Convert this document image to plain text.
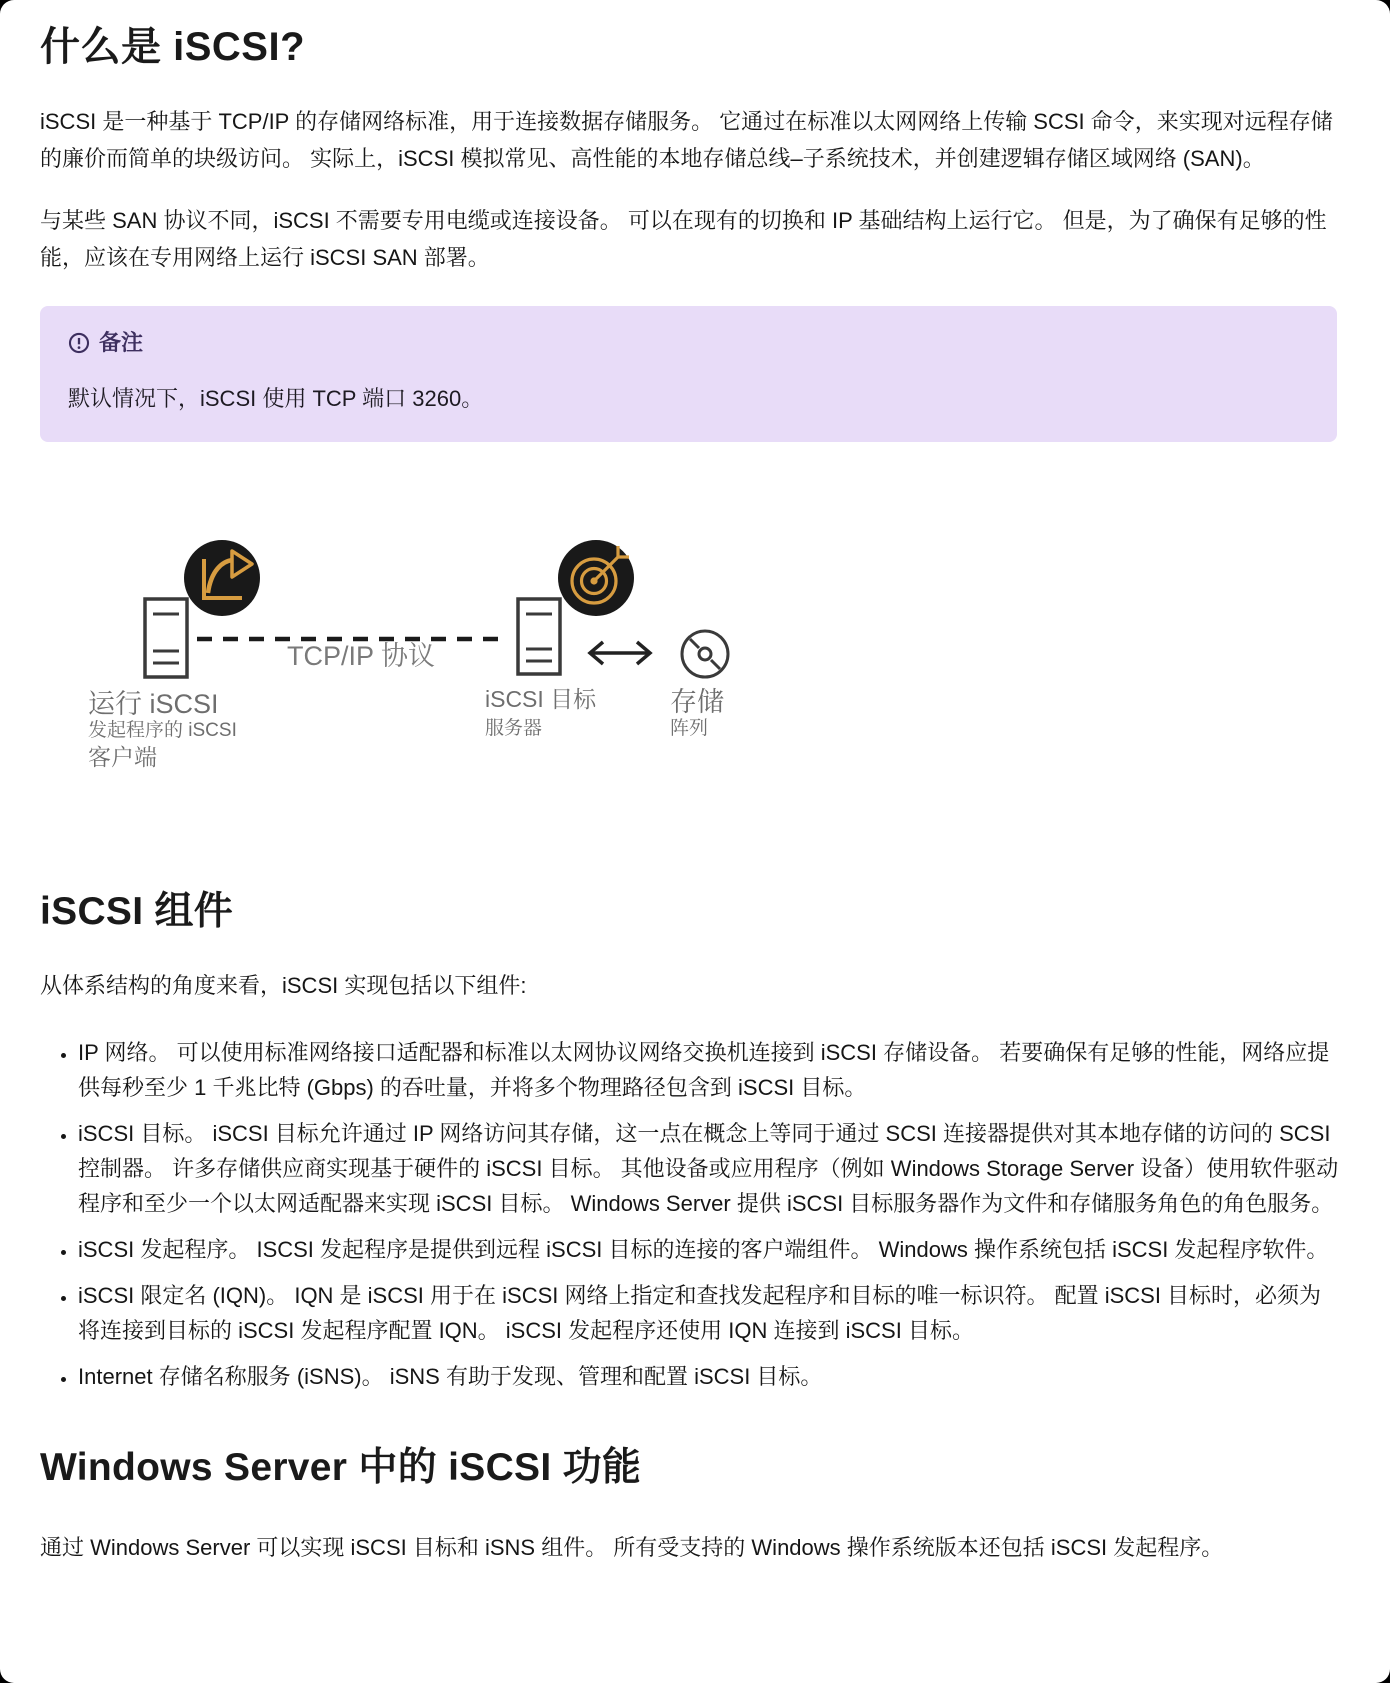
什么是 iSCSI?

iSCSI 是一种基于 TCP/IP 的存储网络标准，用于连接数据存储服务。 它通过在标准以太网网络上传输 SCSI 命令，来实现对远程存储的廉价而简单的块级访问。 实际上，iSCSI 模拟常见、高性能的本地存储总线–子系统技术，并创建逻辑存储区域网络 (SAN)。

与某些 SAN 协议不同，iSCSI 不需要专用电缆或连接设备。 可以在现有的切换和 IP 基础结构上运行它。 但是，为了确保有足够的性能，应该在专用网络上运行 iSCSI SAN 部署。

备注
默认情况下，iSCSI 使用 TCP 端口 3260。
TCP/IP 协议
运行 iSCSI
发起程序的 iSCSI
客户端
iSCSI 目标
服务器
存储
阵列
iSCSI 组件

从体系结构的角度来看，iSCSI 实现包括以下组件:

• IP 网络。 可以使用标准网络接口适配器和标准以太网协议网络交换机连接到 iSCSI 存储设备。 若要确保有足够的性能，网络应提供每秒至少 1 千兆比特 (Gbps) 的吞吐量，并将多个物理路径包含到 iSCSI 目标。
• iSCSI 目标。 iSCSI 目标允许通过 IP 网络访问其存储，这一点在概念上等同于通过 SCSI 连接器提供对其本地存储的访问的 SCSI 控制器。 许多存储供应商实现基于硬件的 iSCSI 目标。 其他设备或应用程序（例如 Windows Storage Server 设备）使用软件驱动程序和至少一个以太网适配器来实现 iSCSI 目标。 Windows Server 提供 iSCSI 目标服务器作为文件和存储服务角色的角色服务。
• iSCSI 发起程序。 ISCSI 发起程序是提供到远程 iSCSI 目标的连接的客户端组件。 Windows 操作系统包括 iSCSI 发起程序软件。
• iSCSI 限定名 (IQN)。 IQN 是 iSCSI 用于在 iSCSI 网络上指定和查找发起程序和目标的唯一标识符。 配置 iSCSI 目标时，必须为将连接到目标的 iSCSI 发起程序配置 IQN。 iSCSI 发起程序还使用 IQN 连接到 iSCSI 目标。
• Internet 存储名称服务 (iSNS)。 iSNS 有助于发现、管理和配置 iSCSI 目标。
Windows Server 中的 iSCSI 功能

通过 Windows Server 可以实现 iSCSI 目标和 iSNS 组件。 所有受支持的 Windows 操作系统版本还包括 iSCSI 发起程序。
